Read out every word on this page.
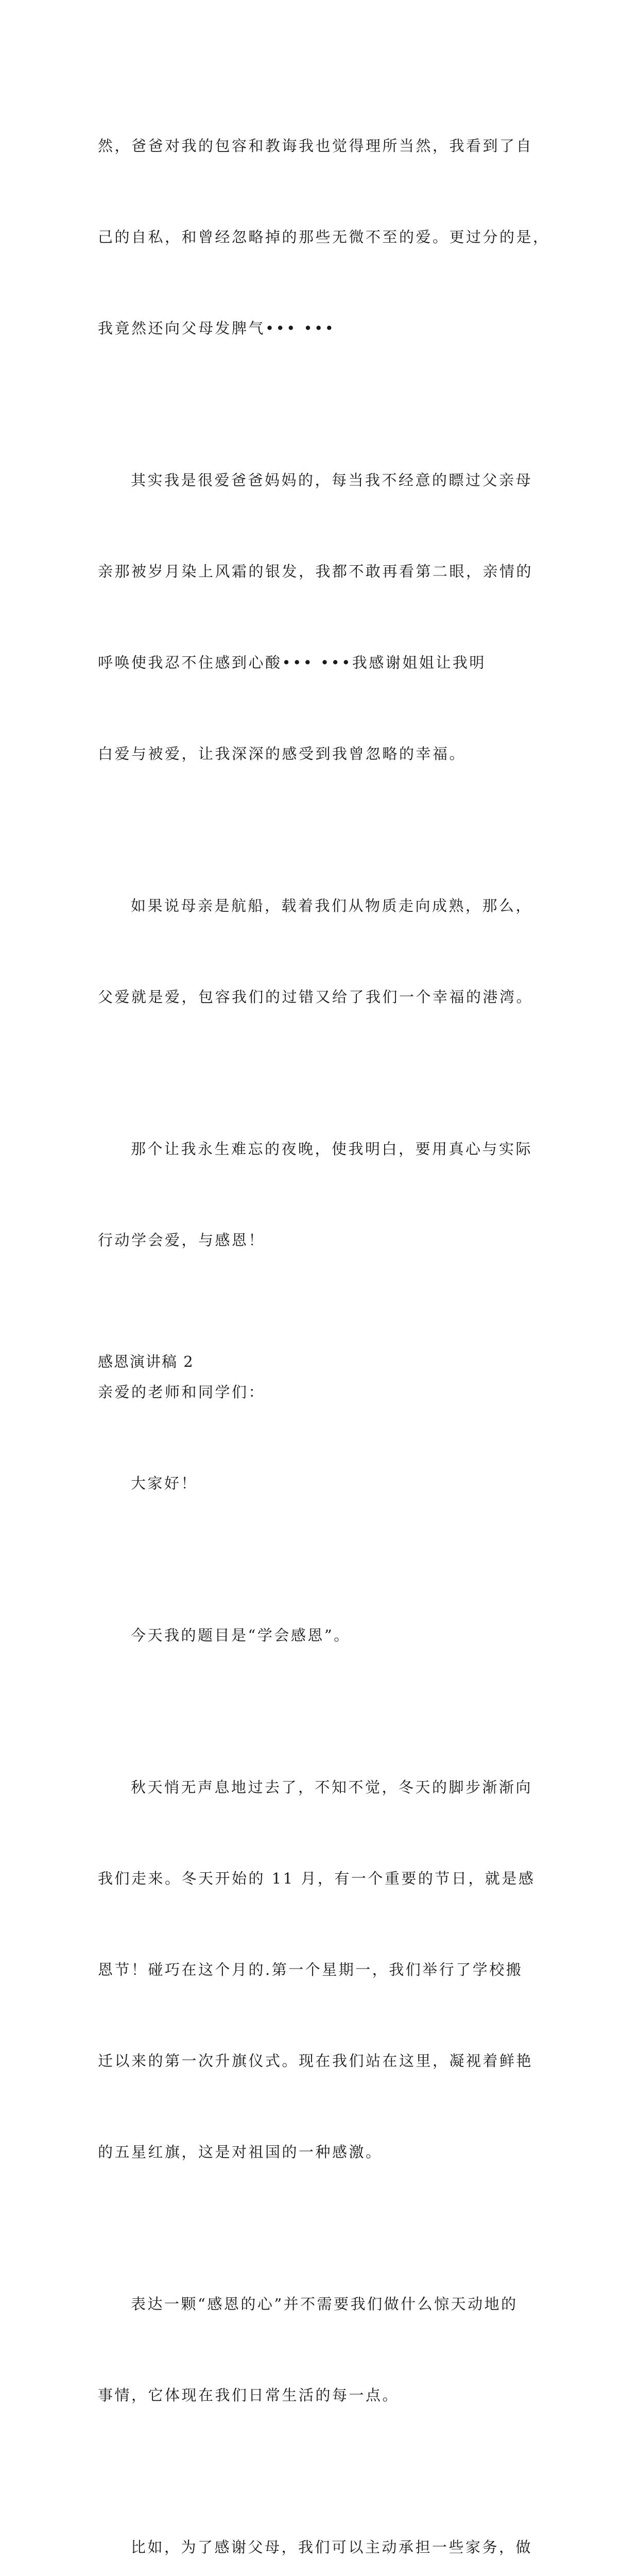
然，爸爸对我的包容和教诲我也觉得理所当然，我看到了自

己的自私，和曾经忽略掉的那些无微不至的爱。更过分的是，

我竟然还向父母发脾气••• •••

其实我是很爱爸爸妈妈的，每当我不经意的瞟过父亲母

亲那被岁月染上风霜的银发，我都不敢再看第二眼，亲情的

呼唤使我忍不住感到心酸••• •••我感谢姐姐让我明

白爱与被爱，让我深深的感受到我曾忽略的幸福。

如果说母亲是航船，载着我们从物质走向成熟，那么，

父爱就是爱，包容我们的过错又给了我们一个幸福的港湾。

那个让我永生难忘的夜晚，使我明白，要用真心与实际

行动学会爱，与感恩！

感恩演讲稿 2
亲爱的老师和同学们：

大家好！

今天我的题目是“学会感恩”。

秋天悄无声息地过去了，不知不觉，冬天的脚步渐渐向

我们走来。冬天开始的 11 月，有一个重要的节日，就是感

恩节！碰巧在这个月的.第一个星期一，我们举行了学校搬

迁以来的第一次升旗仪式。现在我们站在这里，凝视着鲜艳

的五星红旗，这是对祖国的一种感激。

表达一颗“感恩的心”并不需要我们做什么惊天动地的

事情，它体现在我们日常生活的每一点。

比如，为了感谢父母，我们可以主动承担一些家务，做
